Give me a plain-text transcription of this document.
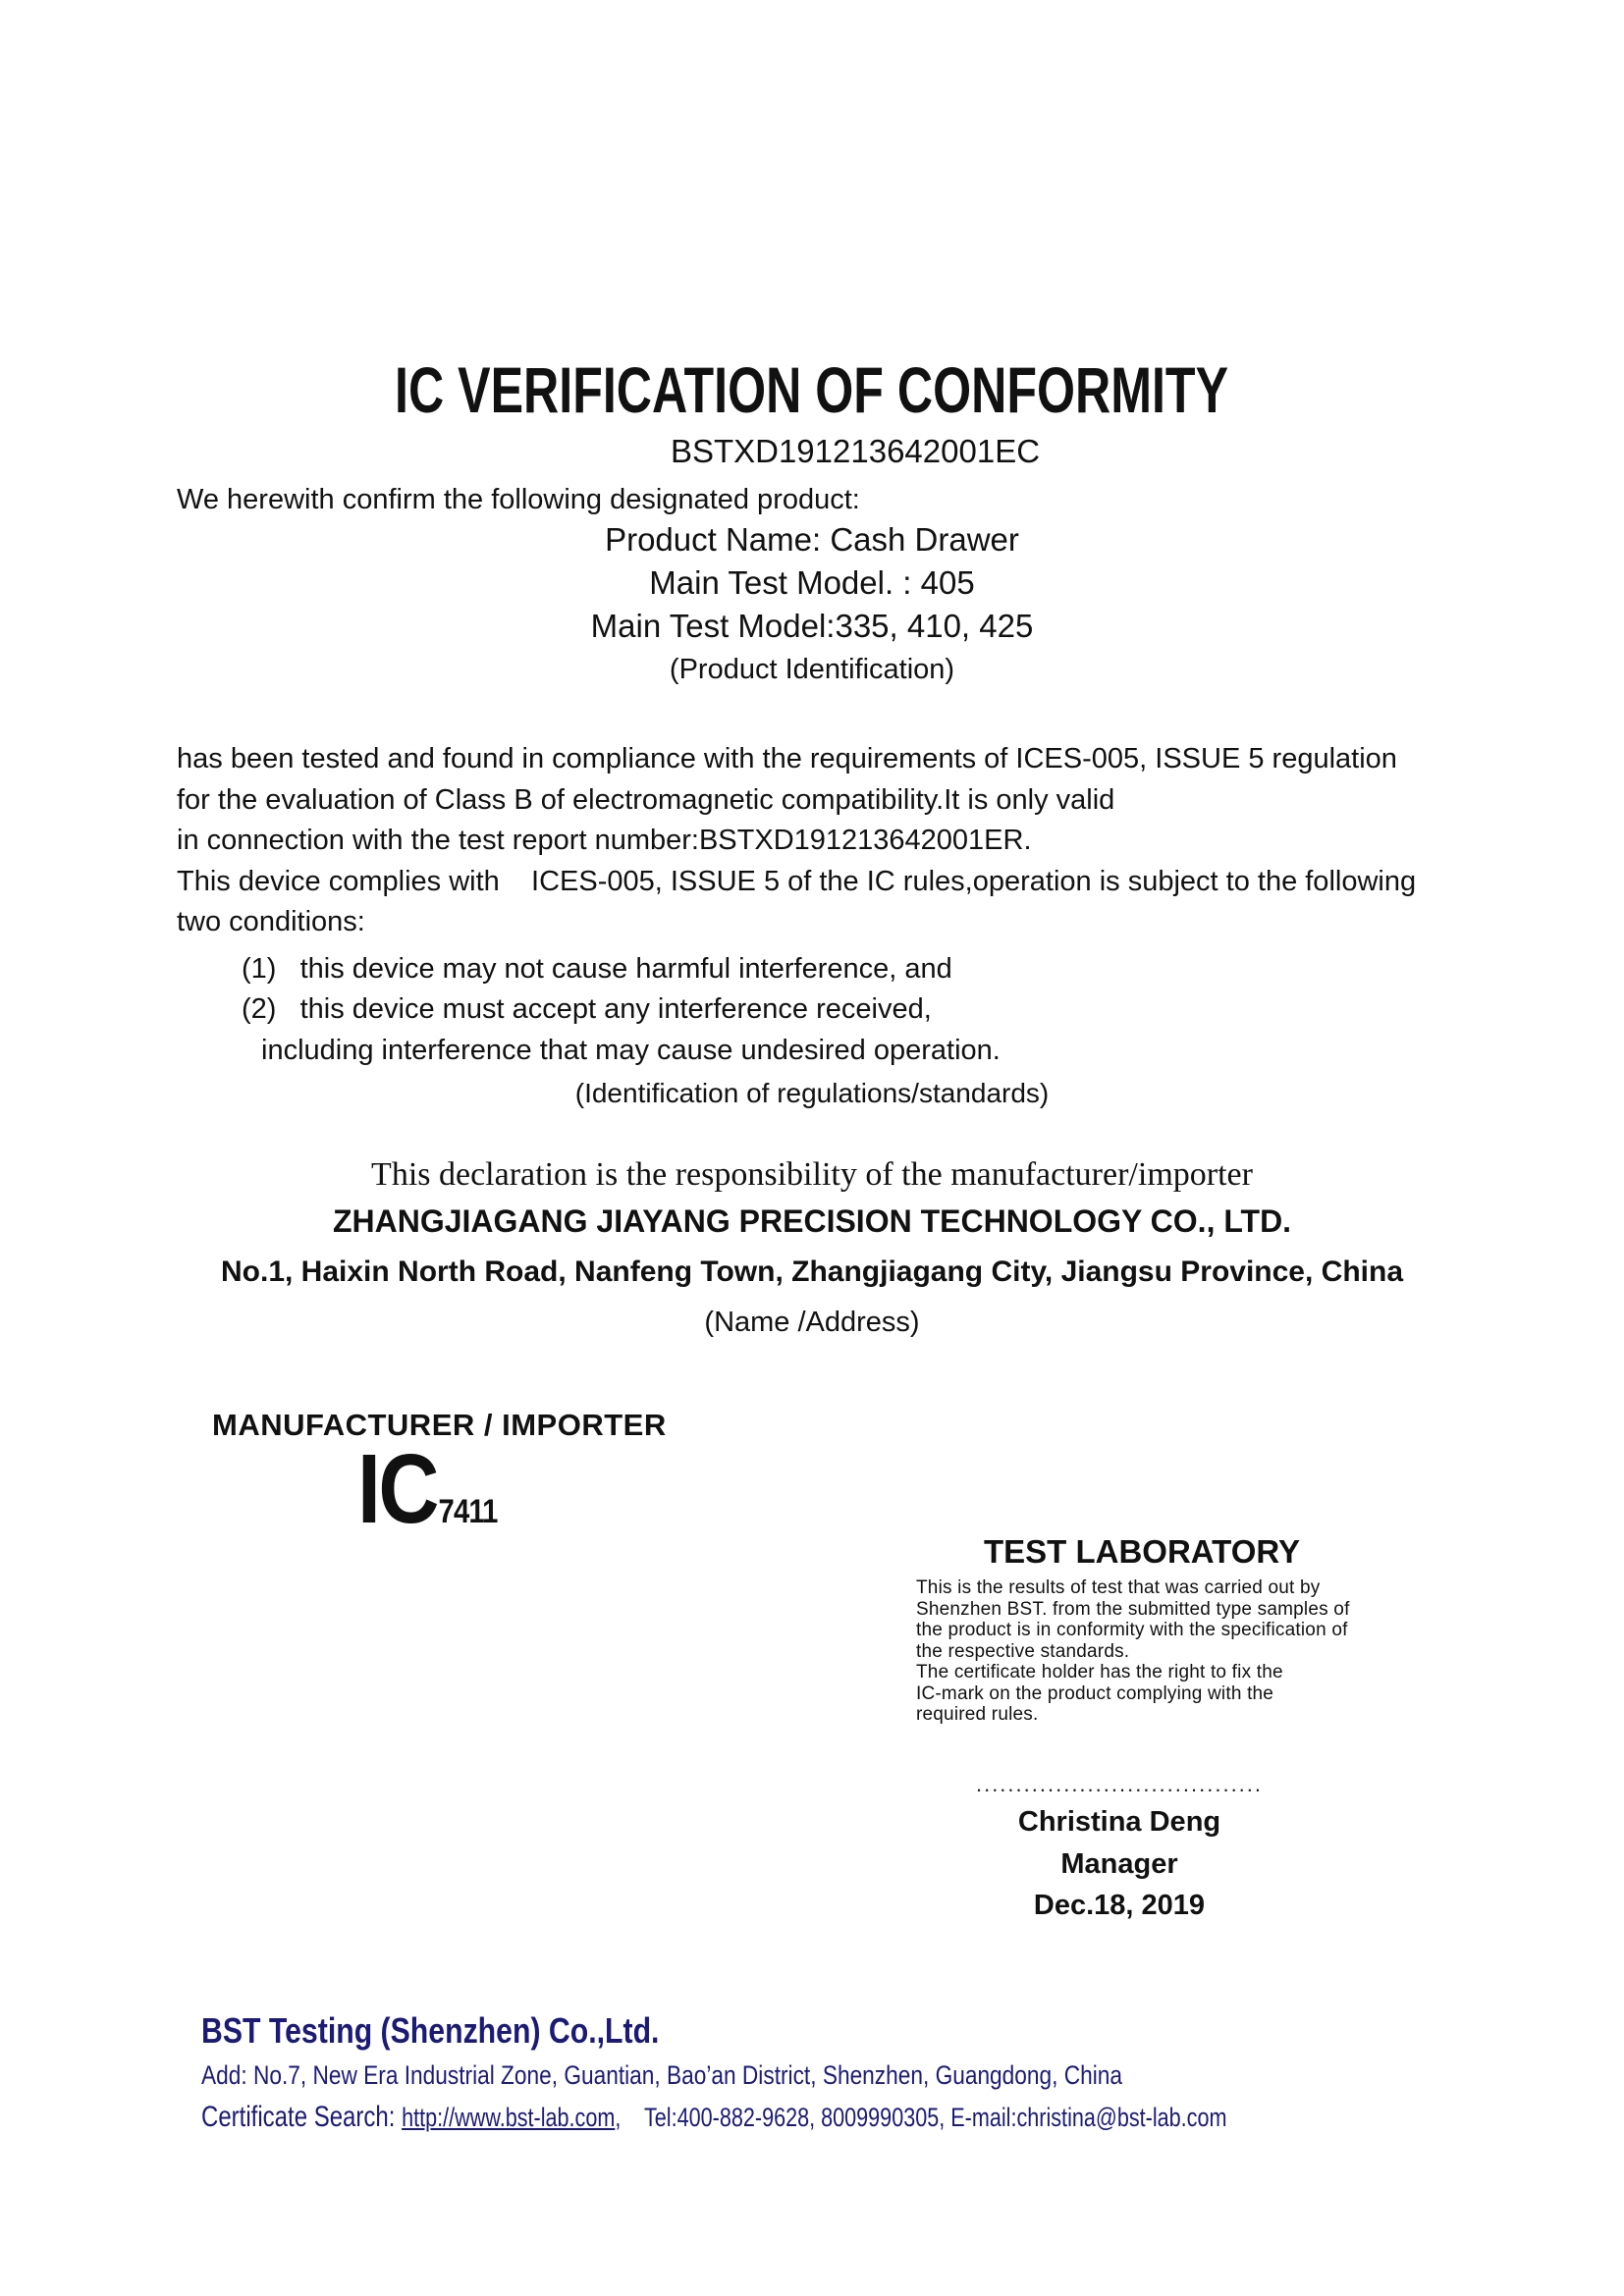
IC VERIFICATION OF CONFORMITY
BSTXD191213642001EC
We herewith confirm the following designated product:
Product Name: Cash Drawer
Main Test Model. : 405
Main Test Model:335, 410, 425
(Product Identification)
has been tested and found in compliance with the requirements of ICES-005, ISSUE 5 regulation
for the evaluation of Class B of electromagnetic compatibility.It is only valid
in connection with the test report number:BSTXD191213642001ER.
This device complies with    ICES-005, ISSUE 5 of the IC rules,operation is subject to the following
two conditions:
(1)   this device may not cause harmful interference, and
(2)   this device must accept any interference received,
including interference that may cause undesired operation.
(Identification of regulations/standards)
This declaration is the responsibility of the manufacturer/importer
ZHANGJIAGANG JIAYANG PRECISION TECHNOLOGY CO., LTD.
No.1, Haixin North Road, Nanfeng Town, Zhangjiagang City, Jiangsu Province, China
(Name /Address)
MANUFACTURER / IMPORTER
IC 7411
TEST LABORATORY
This is the results of test that was carried out by
Shenzhen BST. from the submitted type samples of
the product is in conformity with the specification of
the respective standards.
The certificate holder has the right to fix the
IC-mark on the product complying with the
required rules.
....................................
Christina Deng
Manager
Dec.18, 2019
BST Testing (Shenzhen) Co.,Ltd.
Add: No.7, New Era Industrial Zone, Guantian, Bao’an District, Shenzhen, Guangdong, China
Certificate Search: http://www.bst-lab.com,    Tel:400-882-9628, 8009990305, E-mail:christina@bst-lab.com
